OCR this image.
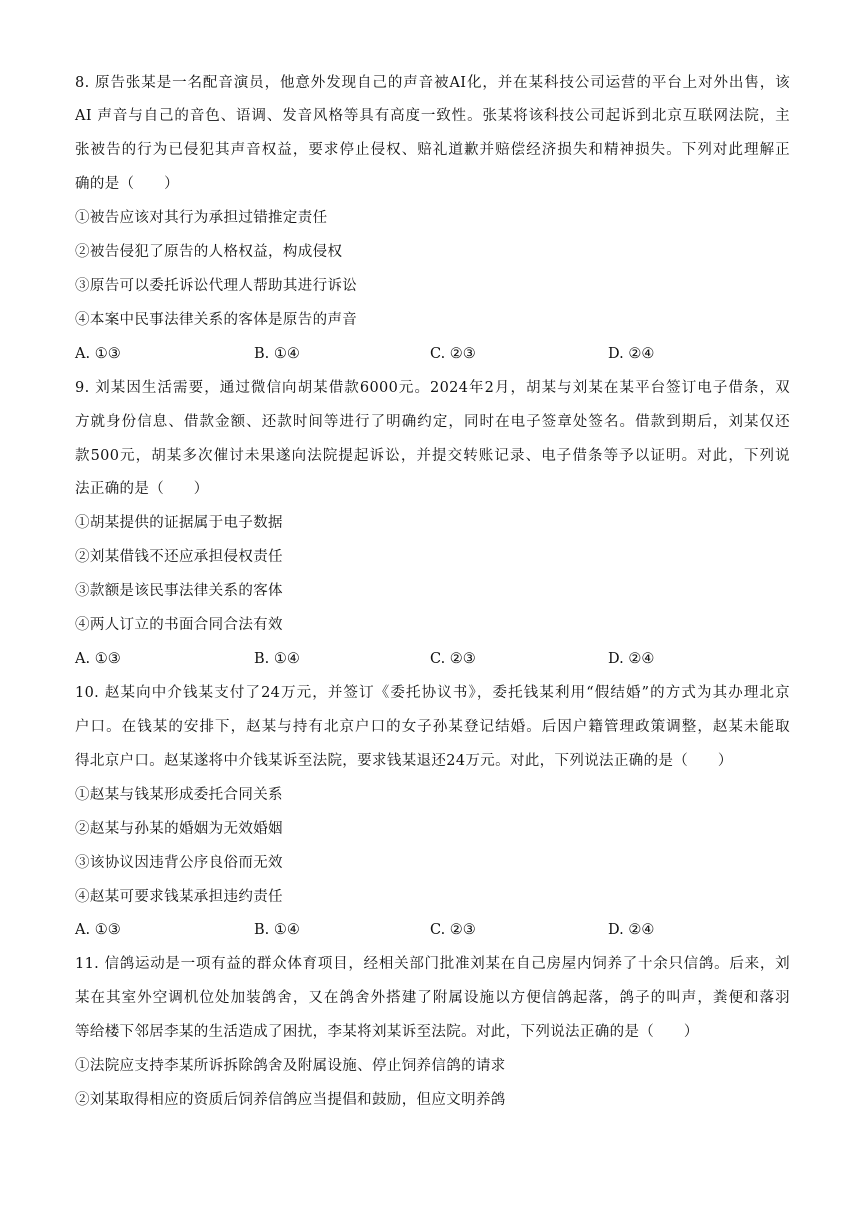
8. 原告张某是一名配音演员，他意外发现自己的声音被AI化，并在某科技公司运营的平台上对外出售，该
AI 声音与自己的音色、语调、发音风格等具有高度一致性。张某将该科技公司起诉到北京互联网法院，主
张被告的行为已侵犯其声音权益，要求停止侵权、赔礼道歉并赔偿经济损失和精神损失。下列对此理解正
确的是（　　）
①被告应该对其行为承担过错推定责任
②被告侵犯了原告的人格权益，构成侵权
③原告可以委托诉讼代理人帮助其进行诉讼
④本案中民事法律关系的客体是原告的声音
A. ①③	B. ①④	C. ②③	D. ②④
9. 刘某因生活需要，通过微信向胡某借款6000元。2024年2月，胡某与刘某在某平台签订电子借条，双
方就身份信息、借款金额、还款时间等进行了明确约定，同时在电子签章处签名。借款到期后，刘某仅还
款500元，胡某多次催讨未果遂向法院提起诉讼，并提交转账记录、电子借条等予以证明。对此，下列说
法正确的是（　　）
①胡某提供的证据属于电子数据
②刘某借钱不还应承担侵权责任
③款额是该民事法律关系的客体
④两人订立的书面合同合法有效
A. ①③	B. ①④	C. ②③	D. ②④
10. 赵某向中介钱某支付了24万元，并签订《委托协议书》，委托钱某利用“假结婚”的方式为其办理北京
户口。在钱某的安排下，赵某与持有北京户口的女子孙某登记结婚。后因户籍管理政策调整，赵某未能取
得北京户口。赵某遂将中介钱某诉至法院，要求钱某退还24万元。对此，下列说法正确的是（　　）
①赵某与钱某形成委托合同关系
②赵某与孙某的婚姻为无效婚姻
③该协议因违背公序良俗而无效
④赵某可要求钱某承担违约责任
A. ①③	B. ①④	C. ②③	D. ②④
11. 信鸽运动是一项有益的群众体育项目，经相关部门批准刘某在自己房屋内饲养了十余只信鸽。后来，刘
某在其室外空调机位处加装鸽舍，又在鸽舍外搭建了附属设施以方便信鸽起落，鸽子的叫声，粪便和落羽
等给楼下邻居李某的生活造成了困扰，李某将刘某诉至法院。对此，下列说法正确的是（　　）
①法院应支持李某所诉拆除鸽舍及附属设施、停止饲养信鸽的请求
②刘某取得相应的资质后饲养信鸽应当提倡和鼓励，但应文明养鸽
